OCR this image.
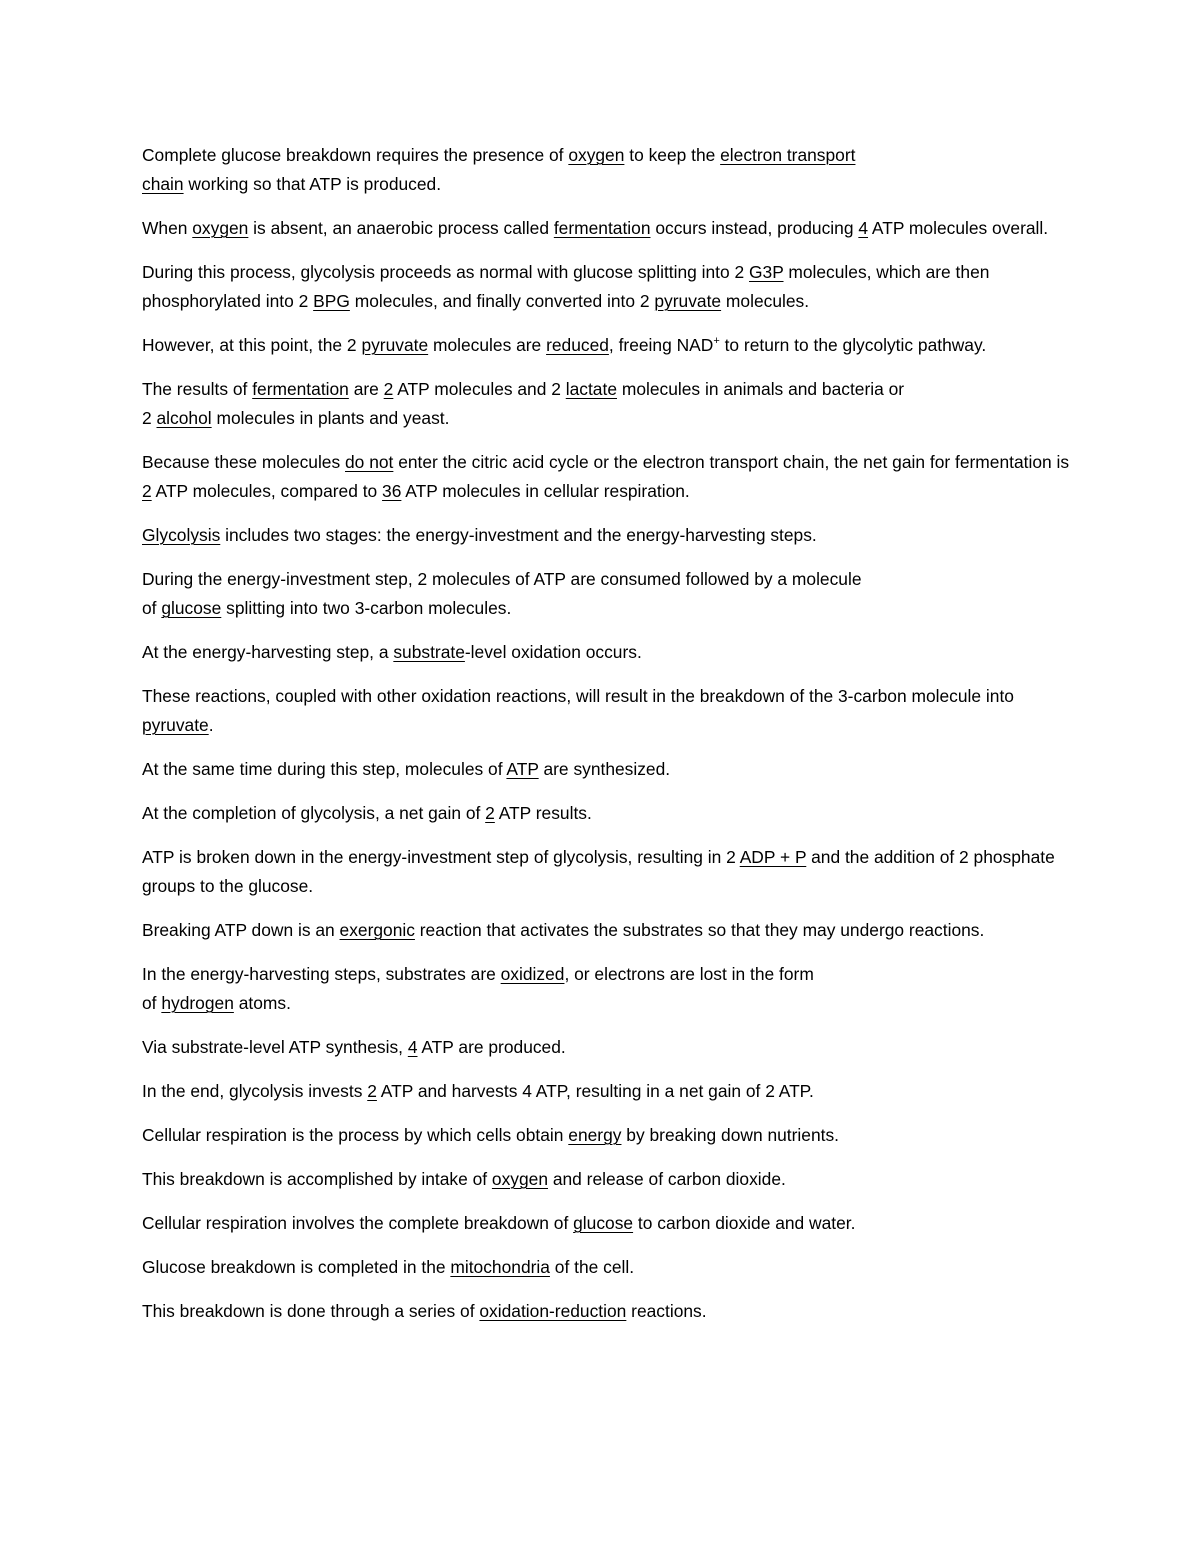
Complete glucose breakdown requires the presence of oxygen to keep the electron transport
chain working so that ATP is produced.

When oxygen is absent, an anaerobic process called fermentation occurs instead, producing 4 ATP molecules overall.

During this process, glycolysis proceeds as normal with glucose splitting into 2 G3P molecules, which are then phosphorylated into 2 BPG molecules, and finally converted into 2 pyruvate molecules.

However, at this point, the 2 pyruvate molecules are reduced, freeing NAD+ to return to the glycolytic pathway.

The results of fermentation are 2 ATP molecules and 2 lactate molecules in animals and bacteria or
2 alcohol molecules in plants and yeast.

Because these molecules do not enter the citric acid cycle or the electron transport chain, the net gain for fermentation is 2 ATP molecules, compared to 36 ATP molecules in cellular respiration.

Glycolysis includes two stages: the energy-investment and the energy-harvesting steps.

During the energy-investment step, 2 molecules of ATP are consumed followed by a molecule
of glucose splitting into two 3-carbon molecules.

At the energy-harvesting step, a substrate-level oxidation occurs.

These reactions, coupled with other oxidation reactions, will result in the breakdown of the 3-carbon molecule into pyruvate.

At the same time during this step, molecules of ATP are synthesized.

At the completion of glycolysis, a net gain of 2 ATP results.

ATP is broken down in the energy-investment step of glycolysis, resulting in 2 ADP + P and the addition of 2 phosphate groups to the glucose.

Breaking ATP down is an exergonic reaction that activates the substrates so that they may undergo reactions.

In the energy-harvesting steps, substrates are oxidized, or electrons are lost in the form
of hydrogen atoms.

Via substrate-level ATP synthesis, 4 ATP are produced.

In the end, glycolysis invests 2 ATP and harvests 4 ATP, resulting in a net gain of 2 ATP.

Cellular respiration is the process by which cells obtain energy by breaking down nutrients.

This breakdown is accomplished by intake of oxygen and release of carbon dioxide.

Cellular respiration involves the complete breakdown of glucose to carbon dioxide and water.

Glucose breakdown is completed in the mitochondria of the cell.

This breakdown is done through a series of oxidation-reduction reactions.
